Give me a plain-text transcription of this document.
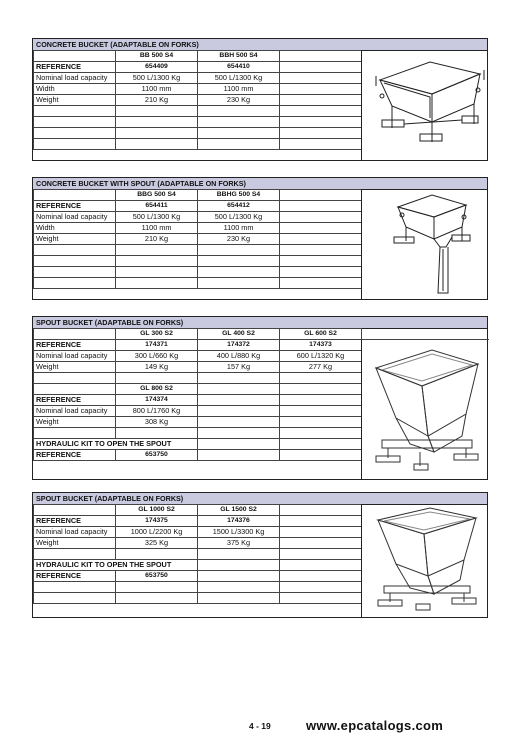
CONCRETE BUCKET (ADAPTABLE ON FORKS)
	BB 500 S4	BBH 500 S4	
REFERENCE	654409	654410	
Nominal load capacity	500 L/1300 Kg	500 L/1300 Kg	
Width	1100 mm	1100 mm	
Weight	210 Kg	230 Kg	

CONCRETE BUCKET WITH SPOUT (ADAPTABLE ON FORKS)
	BBG 500 S4	BBHG 500 S4	
REFERENCE	654411	654412	
Nominal load capacity	500 L/1300 Kg	500 L/1300 Kg	
Width	1100 mm	1100 mm	
Weight	210 Kg	230 Kg	

SPOUT BUCKET (ADAPTABLE ON FORKS)
	GL 300 S2	GL 400 S2	GL 600 S2
REFERENCE	174371	174372	174373
Nominal load capacity	300 L/660 Kg	400 L/880 Kg	600 L/1320 Kg
Weight	149 Kg	157 Kg	277 Kg

	GL 800 S2		
REFERENCE	174374		
Nominal load capacity	800 L/1760 Kg		
Weight	308 Kg		

HYDRAULIC KIT TO OPEN THE SPOUT			
REFERENCE	653750		
SPOUT BUCKET (ADAPTABLE ON FORKS)
	GL 1000 S2	GL 1500 S2	
REFERENCE	174375	174376	
Nominal load capacity	1000 L/2200 Kg	1500 L/3300 Kg	
Weight	325 Kg	375 Kg	

HYDRAULIC KIT TO OPEN THE SPOUT			
REFERENCE	653750		

4 - 19	www.epcatalogs.com
